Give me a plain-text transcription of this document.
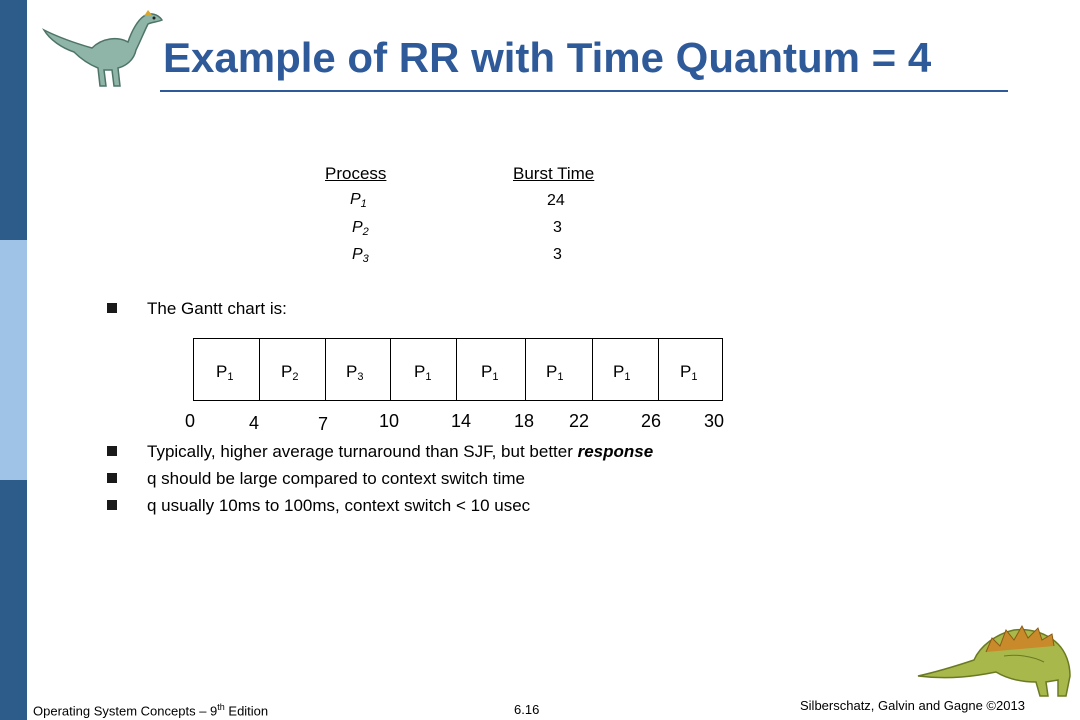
Example of RR with Time Quantum = 4
Process	Burst Time
$P_1$	24
$P_2$	3
$P_3$	3
The Gantt chart is:
$P_1$	$P_2$	$P_3$	$P_1$	$P_1$	$P_1$	$P_1$	$P_1$
0	4	7	10	14 18 22	26 30
Typically, higher average turnaround than SJF, but better response
q should be large compared to context switch time
q usually 10ms to 100ms, context switch < 10 usec
Operating System Concepts – 9th Edition	6.16	Silberschatz, Galvin and Gagne ©2013
